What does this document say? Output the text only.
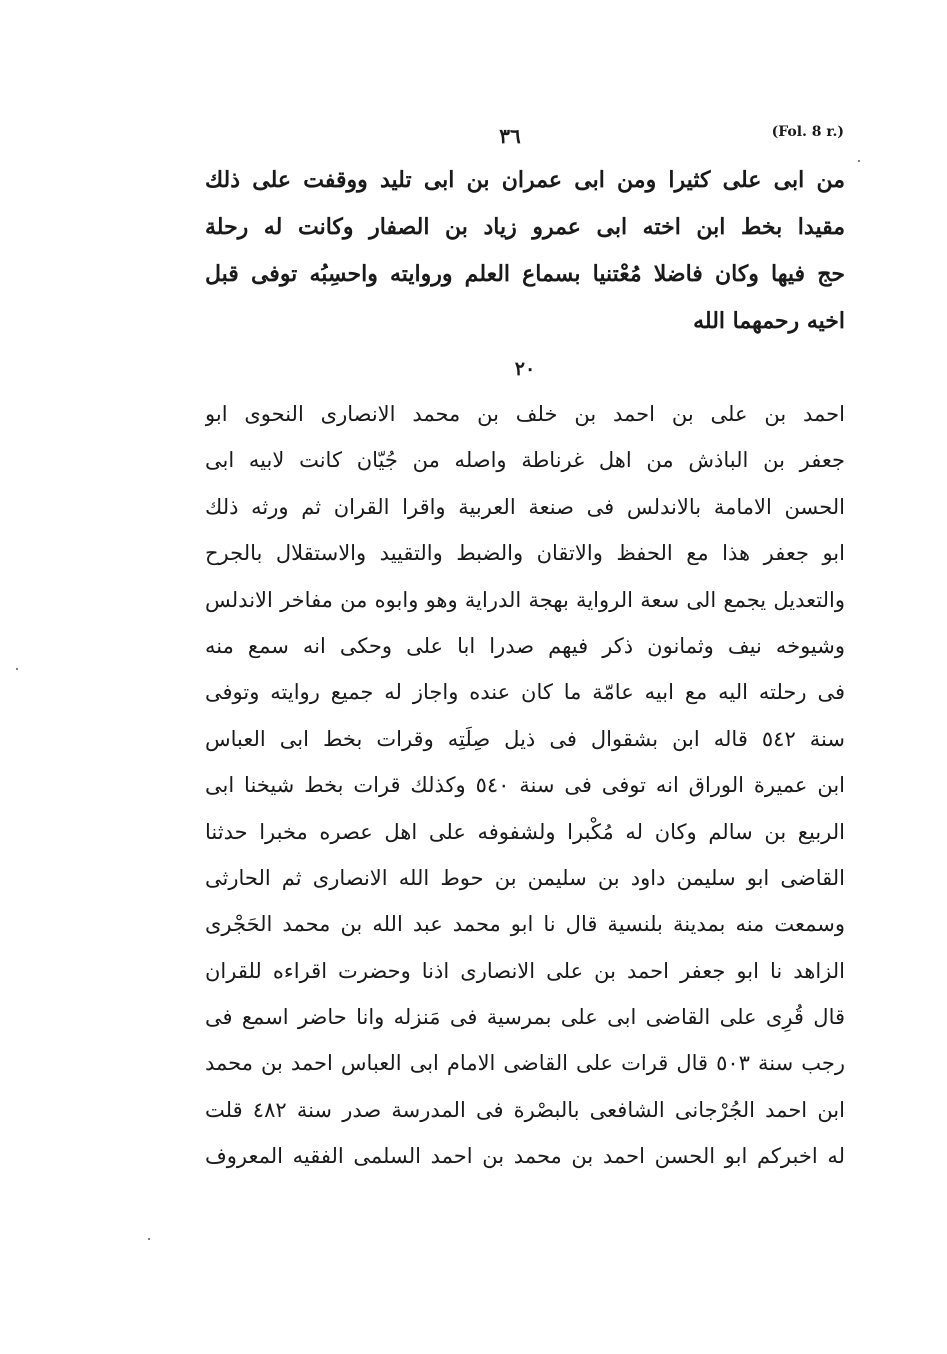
٣٦	(Fol. 8 r.)
من ابى على كثيرا ومن ابى عمران بن ابى تليد ووقفت على ذلك
مقيدا بخط ابن اخته ابى عمرو زياد بن الصفار وكانت له رحلة
حج فيها وكان فاضلا مُعْتنيا بسماع العلم وروايته واحسِبُه توفى قبل
اخيه رحمهما الله
٢٠
احمد بن على بن احمد بن خلف بن محمد الانصارى النحوى ابو
جعفر بن الباذش من اهل غرناطة واصله من جُيّان كانت لابيه ابى
الحسن الامامة بالاندلس فى صنعة العربية واقرا القران ثم ورثه ذلك
ابو جعفر هذا مع الحفظ والاتقان والضبط والتقييد والاستقلال بالجرح
والتعديل يجمع الى سعة الرواية بهجة الدراية وهو وابوه من مفاخر الاندلس
وشيوخه نيف وثمانون ذكر فيهم صدرا ابا على وحكى انه سمع منه
فى رحلته اليه مع ابيه عامّة ما كان عنده واجاز له جميع روايته وتوفى
سنة ٥٤٢ قاله ابن بشقوال فى ذيل صِلَتِه وقرات بخط ابى العباس
ابن عميرة الوراق انه توفى فى سنة ٥٤٠ وكذلك قرات بخط شيخنا ابى
الربيع بن سالم وكان له مُكْبرا ولشفوفه على اهل عصره مخبرا حدثنا
القاضى ابو سليمن داود بن سليمن بن حوط الله الانصارى ثم الحارثى
وسمعت منه بمدينة بلنسية قال نا ابو محمد عبد الله بن محمد الحَجْرى
الزاهد نا ابو جعفر احمد بن على الانصارى اذنا وحضرت اقراءه للقران
قال قُرِى على القاضى ابى على بمرسية فى مَنزله وانا حاضر اسمع فى
رجب سنة ٥٠٣ قال قرات على القاضى الامام ابى العباس احمد بن محمد
ابن احمد الجُرْجانى الشافعى بالبصْرة فى المدرسة صدر سنة ٤٨٢ قلت
له اخبركم ابو الحسن احمد بن محمد بن احمد السلمى الفقيه المعروف
